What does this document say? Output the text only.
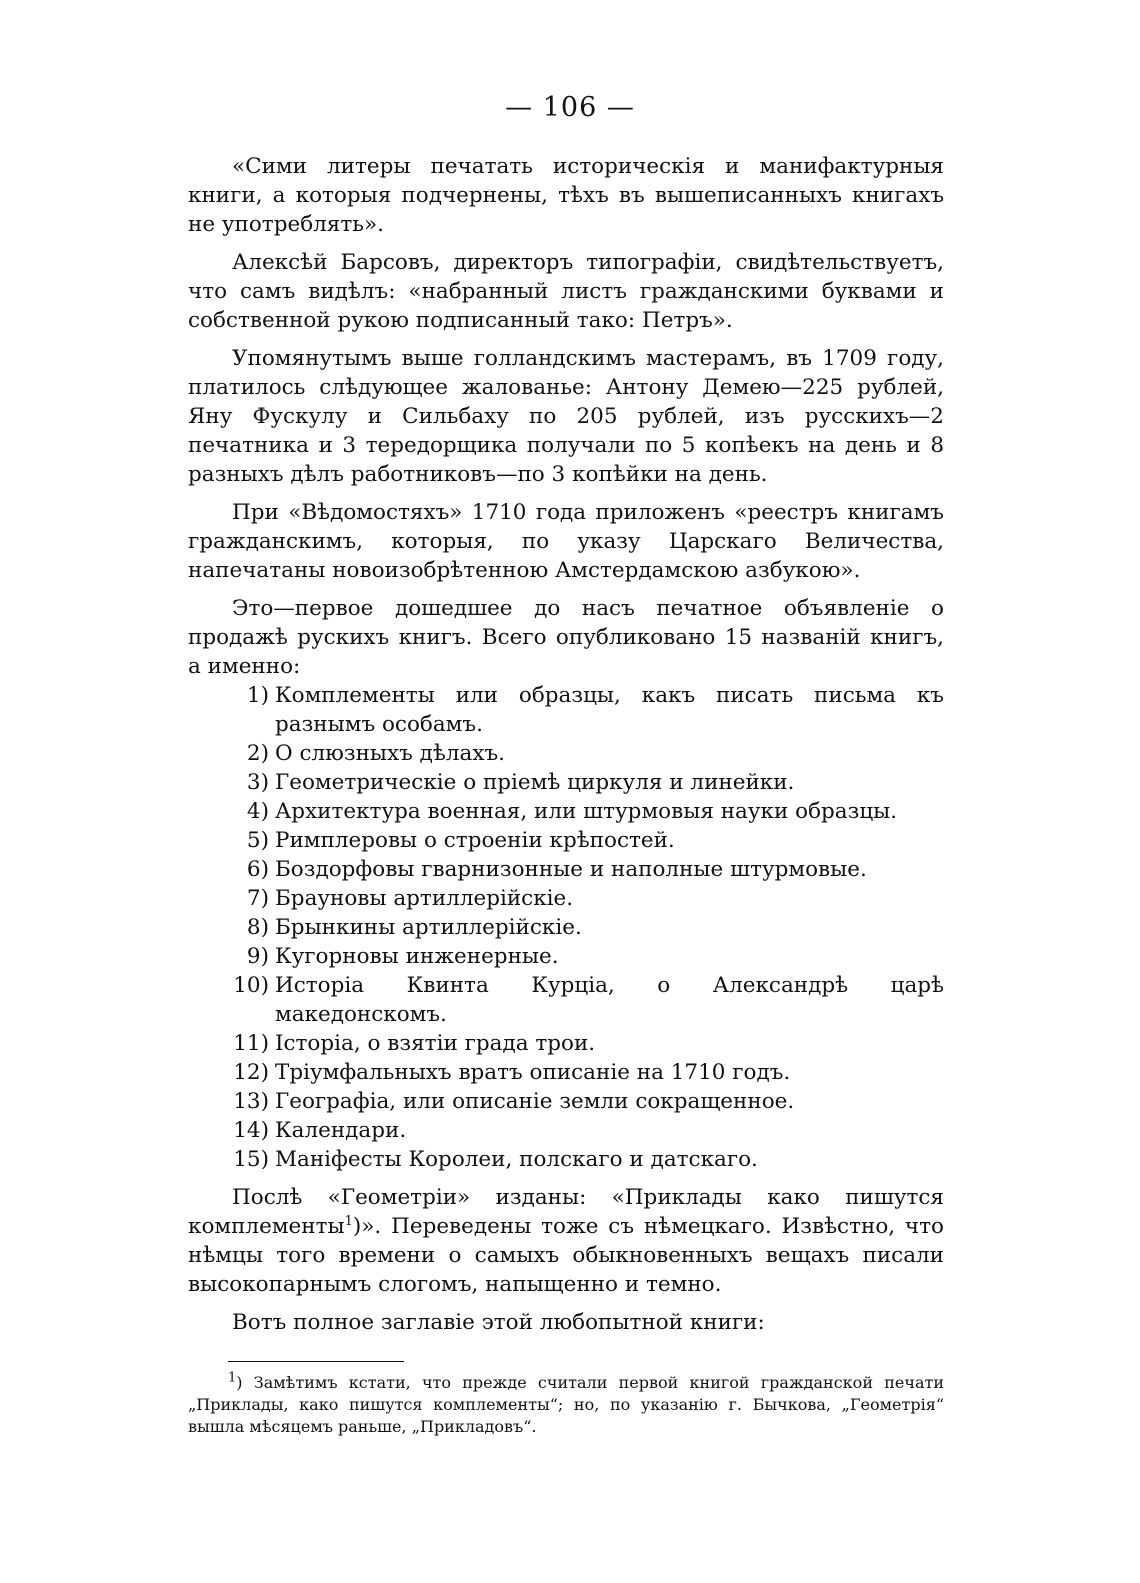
— 106 —

«Сими литеры печатать историческія и манифактурныя книги, а которыя подчернены, тѣхъ въ вышеписанныхъ книгахъ не употреблять».

Алексѣй Барсовъ, директоръ типографіи, свидѣтельствуетъ, что самъ видѣлъ: «набранный листъ гражданскими буквами и собственной рукою подписанный тако: Петръ».

Упомянутымъ выше голландскимъ мастерамъ, въ 1709 году, платилось слѣдующее жалованье: Антону Демею—225 рублей, Яну Фускулу и Сильбаху по 205 рублей, изъ русскихъ—2 печатника и 3 тередорщика получали по 5 копѣекъ на день и 8 разныхъ дѣлъ работниковъ—по 3 копѣйки на день.

При «Вѣдомостяхъ» 1710 года приложенъ «реестръ книгамъ гражданскимъ, которыя, по указу Царскаго Величества, напечатаны новоизобрѣтенною Амстердамскою азбукою».

Это—первое дошедшее до насъ печатное объявленіе о продажѣ рускихъ книгъ. Всего опубликовано 15 названій книгъ, а именно:

1) Комплементы или образцы, какъ писать письма къ разнымъ особамъ.
2) О слюзныхъ дѣлахъ.
3) Геометрическіе о пріемѣ циркуля и линейки.
4) Архитектура военная, или штурмовыя науки образцы.
5) Римплеровы о строеніи крѣпостей.
6) Боздорфовы гварнизонные и наполные штурмовые.
7) Брауновы артиллерійскіе.
8) Брынкины артиллерійскіе.
9) Кугорновы инженерные.
10) Исторіа Квинта Курціа, о Александрѣ царѣ македонскомъ.
11) Істоpіа, о взятіи града трои.
12) Тріумфальныхъ вратъ описаніе на 1710 годъ.
13) Географіа, или описаніе земли сокращенное.
14) Календари.
15) Маніфесты Королеи, полскаго и датскаго.

Послѣ «Геометріи» изданы: «Приклады како пишутся комплементы$^1$)». Переведены тоже съ нѣмецкаго. Извѣстно, что нѣмцы того времени о самыхъ обыкновенныхъ вещахъ писали высокопарнымъ слогомъ, напыщенно и темно.

Вотъ полное заглавіе этой любопытной книги:

$^1$) Замѣтимъ кстати, что прежде считали первой книгой гражданской печати „Приклады, како пишутся комплементы“; но, по указанію г. Бычкова, „Геометрія“ вышла мѣсяцемъ раньше, „Прикладовъ“.
